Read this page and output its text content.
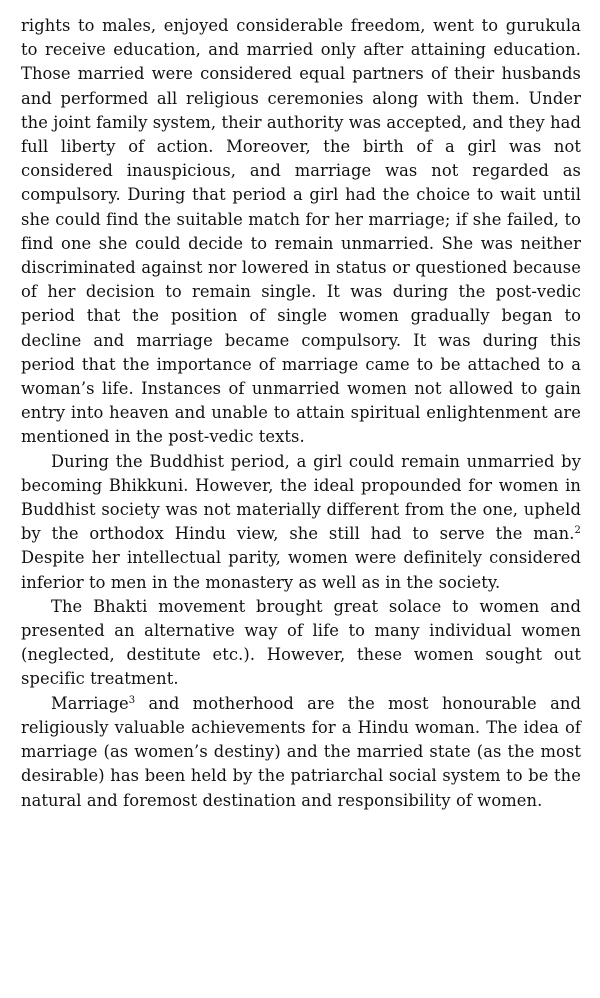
rights to males, enjoyed considerable freedom, went to gurukula to receive education, and married only after attaining education. Those married were considered equal partners of their husbands and performed all religious ceremonies along with them. Under the joint family system, their authority was accepted, and they had full liberty of action. Moreover, the birth of a girl was not considered inauspicious, and marriage was not regarded as compulsory. During that period a girl had the choice to wait until she could find the suitable match for her marriage; if she failed, to find one she could decide to remain unmarried. She was neither discriminated against nor lowered in status or questioned because of her decision to remain single. It was during the post-vedic period that the position of single women gradually began to decline and marriage became compulsory. It was during this period that the importance of marriage came to be attached to a woman’s life. Instances of unmarried women not allowed to gain entry into heaven and unable to attain spiritual enlightenment are mentioned in the post-vedic texts.

During the Buddhist period, a girl could remain unmarried by becoming Bhikkuni. However, the ideal propounded for women in Buddhist society was not materially different from the one, upheld by the orthodox Hindu view, she still had to serve the man.$^2$ Despite her intellectual parity, women were definitely considered inferior to men in the monastery as well as in the society.

The Bhakti movement brought great solace to women and presented an alternative way of life to many individual women (neglected, destitute etc.). However, these women sought out specific treatment.

Marriage$^3$ and motherhood are the most honourable and religiously valuable achievements for a Hindu woman. The idea of marriage (as women’s destiny) and the married state (as the most desirable) has been held by the patriarchal social system to be the natural and foremost destination and responsibility of women.
